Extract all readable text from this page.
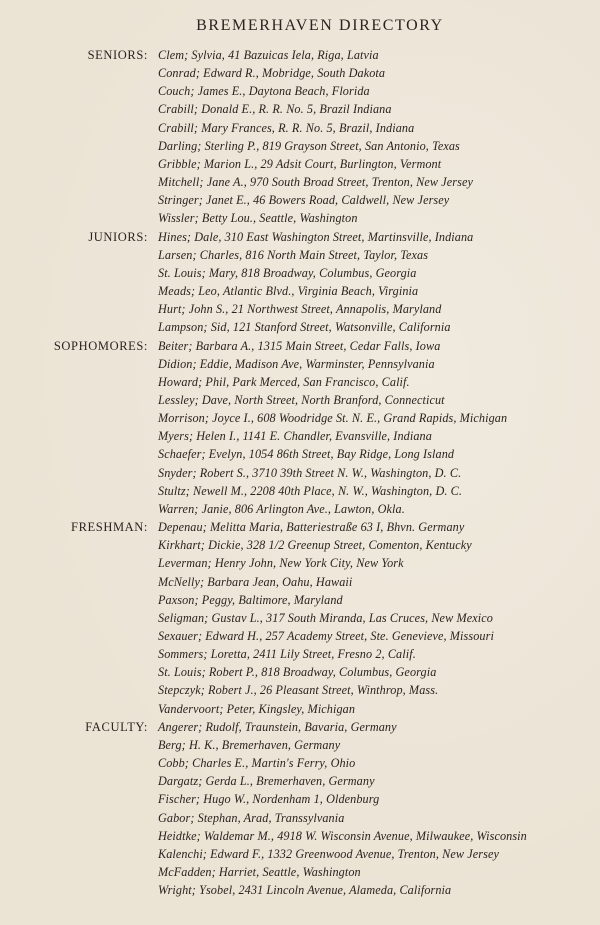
BREMERHAVEN DIRECTORY
SENIORS: Clem; Sylvia, 41 Bazuicas Iela, Riga, Latvia
Conrad; Edward R., Mobridge, South Dakota
Couch; James E., Daytona Beach, Florida
Crabill; Donald E., R. R. No. 5, Brazil Indiana
Crabill; Mary Frances, R. R. No. 5, Brazil, Indiana
Darling; Sterling P., 819 Grayson Street, San Antonio, Texas
Gribble; Marion L., 29 Adsit Court, Burlington, Vermont
Mitchell; Jane A., 970 South Broad Street, Trenton, New Jersey
Stringer; Janet E., 46 Bowers Road, Caldwell, New Jersey
Wissler; Betty Lou., Seattle, Washington
JUNIORS: Hines; Dale, 310 East Washington Street, Martinsville, Indiana
Larsen; Charles, 816 North Main Street, Taylor, Texas
St. Louis; Mary, 818 Broadway, Columbus, Georgia
Meads; Leo, Atlantic Blvd., Virginia Beach, Virginia
Hurt; John S., 21 Northwest Street, Annapolis, Maryland
Lampson; Sid, 121 Stanford Street, Watsonville, California
SOPHOMORES: Beiter; Barbara A., 1315 Main Street, Cedar Falls, Iowa
Didion; Eddie, Madison Ave, Warminster, Pennsylvania
Howard; Phil, Park Merced, San Francisco, Calif.
Lessley; Dave, North Street, North Branford, Connecticut
Morrison; Joyce I., 608 Woodridge St. N. E., Grand Rapids, Michigan
Myers; Helen I., 1141 E. Chandler, Evansville, Indiana
Schaefer; Evelyn, 1054 86th Street, Bay Ridge, Long Island
Snyder; Robert S., 3710 39th Street N. W., Washington, D. C.
Stultz; Newell M., 2208 40th Place, N. W., Washington, D. C.
Warren; Janie, 806 Arlington Ave., Lawton, Okla.
FRESHMAN: Depenau; Melitta Maria, Batteriestraße 63 I, Bhvn. Germany
Kirkhart; Dickie, 328 1/2 Greenup Street, Comenton, Kentucky
Leverman; Henry John, New York City, New York
McNelly; Barbara Jean, Oahu, Hawaii
Paxson; Peggy, Baltimore, Maryland
Seligman; Gustav L., 317 South Miranda, Las Cruces, New Mexico
Sexauer; Edward H., 257 Academy Street, Ste. Genevieve, Missouri
Sommers; Loretta, 2411 Lily Street, Fresno 2, Calif.
St. Louis; Robert P., 818 Broadway, Columbus, Georgia
Stepczyk; Robert J., 26 Pleasant Street, Winthrop, Mass.
Vandervoort; Peter, Kingsley, Michigan
FACULTY: Angerer; Rudolf, Traunstein, Bavaria, Germany
Berg; H. K., Bremerhaven, Germany
Cobb; Charles E., Martin's Ferry, Ohio
Dargatz; Gerda L., Bremerhaven, Germany
Fischer; Hugo W., Nordenham 1, Oldenburg
Gabor; Stephan, Arad, Transsylvania
Heidtke; Waldemar M., 4918 W. Wisconsin Avenue, Milwaukee, Wisconsin
Kalenchi; Edward F., 1332 Greenwood Avenue, Trenton, New Jersey
McFadden; Harriet, Seattle, Washington
Wright; Ysobel, 2431 Lincoln Avenue, Alameda, California
